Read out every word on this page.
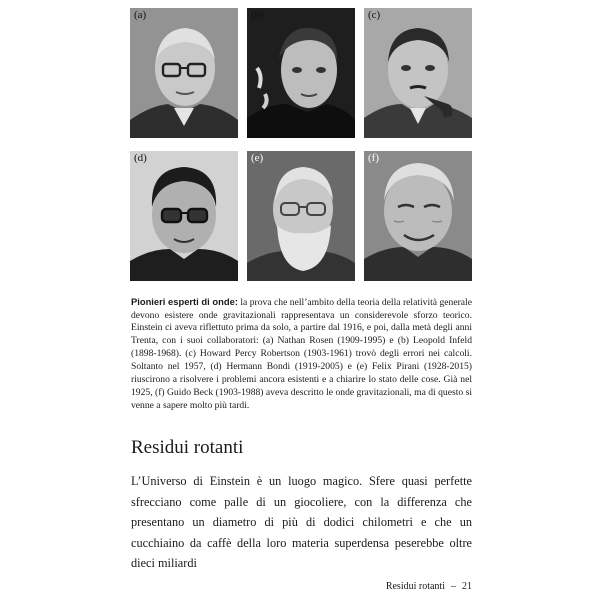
(a)	(b)	(c)
(d)	(e)	(f)

Pionieri esperti di onde: la prova che nell’ambito della teoria della relatività generale devono esistere onde gravitazionali rappresentava un considerevole sforzo teorico. Einstein ci aveva riflettuto prima da solo, a partire dal 1916, e poi, dalla metà degli anni Trenta, con i suoi collaboratori: (a) Nathan Rosen (1909-1995) e (b) Leopold Infeld (1898-1968). (c) Howard Percy Robertson (1903-1961) trovò degli errori nei calcoli. Soltanto nel 1957, (d) Hermann Bondi (1919-2005) e (e) Felix Pirani (1928-2015) riuscirono a risolvere i problemi ancora esistenti e a chiarire lo stato delle cose. Già nel 1925, (f) Guido Beck (1903-1988) aveva descritto le onde gravitazionali, ma di questo si venne a sapere molto più tardi.

Residui rotanti

L’Universo di Einstein è un luogo magico. Sfere quasi perfette sfrecciano come palle di un giocoliere, con la differenza che presentano un diametro di più di dodici chilometri e che un cucchiaino da caffè della loro materia superdensa peserebbe oltre dieci miliardi

Residui rotanti – 21
